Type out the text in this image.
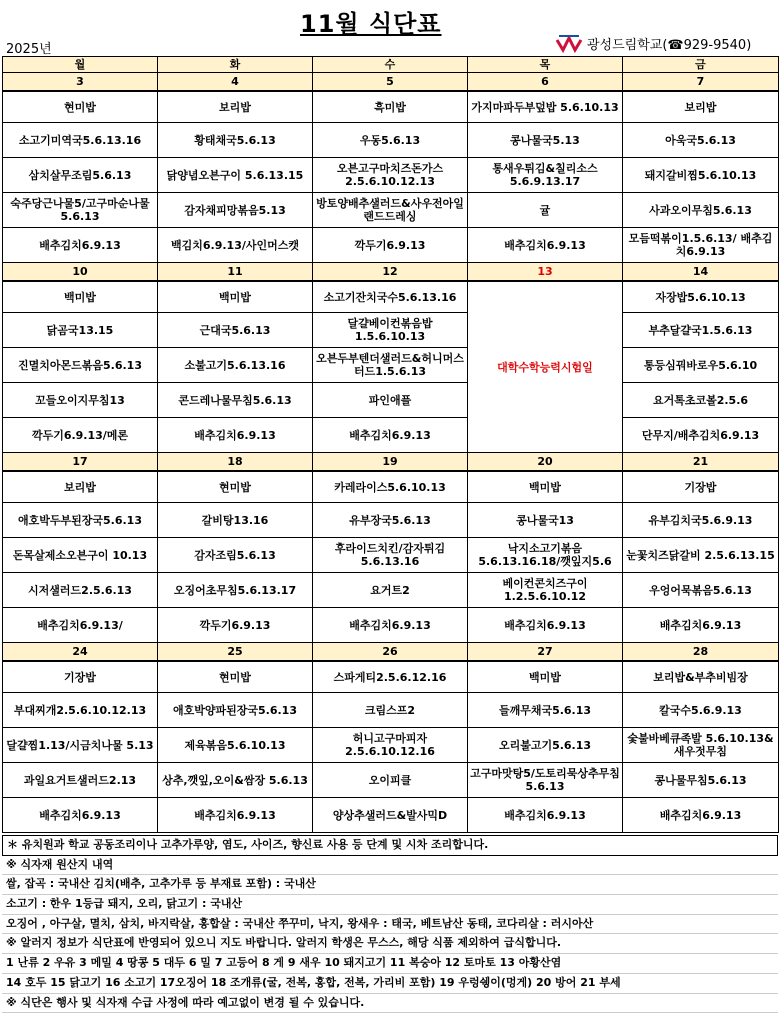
11월 식단표
2025년	광성드림학교(☎929-9540)
월	화	수	목	금
3	4	5	6	7
현미밥	보리밥	흑미밥	가지마파두부덮밥 5.6.10.13	보리밥
소고기미역국5.6.13.16	황태채국5.6.13	우동5.6.13	콩나물국5.13	아욱국5.6.13
삼치살무조림5.6.13	닭양념오븐구이 5.6.13.15	오븐고구마치즈돈가스 2.5.6.10.12.13	통새우튀김&칠리소스 5.6.9.13.17	돼지갈비찜5.6.10.13
숙주당근나물5/고구마순나물5.6.13	감자채피망볶음5.13	방토양배추샐러드&사우전아일랜드드레싱	귤	사과오이무침5.6.13
배추김치6.9.13	백김치6.9.13/사인머스캣	깍두기6.9.13	배추김치6.9.13	모듬떡볶이1.5.6.13/ 배추김치6.9.13
10	11	12	13	14
백미밥	백미밥	소고기잔치국수5.6.13.16	대학수학능력시험일	자장밥5.6.10.13
닭곰국13.15	근대국5.6.13	달걀베이컨볶음밥 1.5.6.10.13		부추달걀국1.5.6.13
진멸치아몬드볶음5.6.13	소불고기5.6.13.16	오븐두부텐더샐러드&허니머스터드1.5.6.13		통등심꿔바로우5.6.10
꼬들오이지무침13	콘드레나물무침5.6.13	파인애플		요거톡초코볼2.5.6
깍두기6.9.13/메론	배추김치6.9.13	배추김치6.9.13		단무지/배추김치6.9.13
17	18	19	20	21
보리밥	현미밥	카레라이스5.6.10.13	백미밥	기장밥
애호박두부된장국5.6.13	갈비탕13.16	유부장국5.6.13	콩나물국13	유부김치국5.6.9.13
돈목살제소오븐구이 10.13	감자조림5.6.13	후라이드치킨/감자튀김 5.6.13.16	낙지소고기볶음 5.6.13.16.18/깻잎지5.6	눈꽃치즈닭갈비 2.5.6.13.15
시저샐러드2.5.6.13	오징어초무침5.6.13.17	요거트2	베이컨콘치즈구이 1.2.5.6.10.12	우엉어묵볶음5.6.13
배추김치6.9.13/	깍두기6.9.13	배추김치6.9.13	배추김치6.9.13	배추김치6.9.13
24	25	26	27	28
기장밥	현미밥	스파게티2.5.6.12.16	백미밥	보리밥&부추비빔장
부대찌개2.5.6.10.12.13	애호박양파된장국5.6.13	크림스프2	들깨무채국5.6.13	칼국수5.6.9.13
달걀찜1.13/시금치나물 5.13	제육볶음5.6.10.13	허니고구마피자 2.5.6.10.12.16	오리불고기5.6.13	숯불바베큐족발 5.6.10.13&새우젓무침
과일요거트샐러드2.13	상추,깻잎,오이&쌈장 5.6.13	오이피클	고구마맛탕5/도토리묵상추무침5.6.13	콩나물무침5.6.13
배추김치6.9.13	배추김치6.9.13	양상추샐러드&발사믹D	배추김치6.9.13	배추김치6.9.13
＊ 유치원과 학교 공동조리이나 고추가루양, 염도, 사이즈, 향신료 사용 등 단계 및 시차 조리합니다.
※ 식자재 원산지 내역
쌀, 잡곡 : 국내산 김치(배추, 고추가루 등 부재료 포함) : 국내산
소고기 : 한우 1등급 돼지, 오리, 닭고기 : 국내산
오징어 , 아구살, 멸치, 삼치, 바지락살, 홍합살 : 국내산 쭈꾸미, 낙지, 왕새우 : 태국, 베트남산 동태, 코다리살 : 러시아산
※ 알러지 정보가 식단표에 반영되어 있으니 지도 바랍니다. 알러지 학생은 무스스, 해당 식품 제외하여 급식합니다.
1 난류 2 우유 3 메밀 4 땅콩 5 대두 6 밀 7 고등어 8 게 9 새우 10 돼지고기 11 복숭아 12 토마토 13 아황산염
14 호두 15 닭고기 16 소고기 17오징어 18 조개류(굴, 전복, 홍합, 전복, 가리비 포함) 19 우렁쉥이(멍게) 20 방어 21 부세
※ 식단은 행사 및 식자재 수급 사정에 따라 예고없이 변경 될 수 있습니다.
